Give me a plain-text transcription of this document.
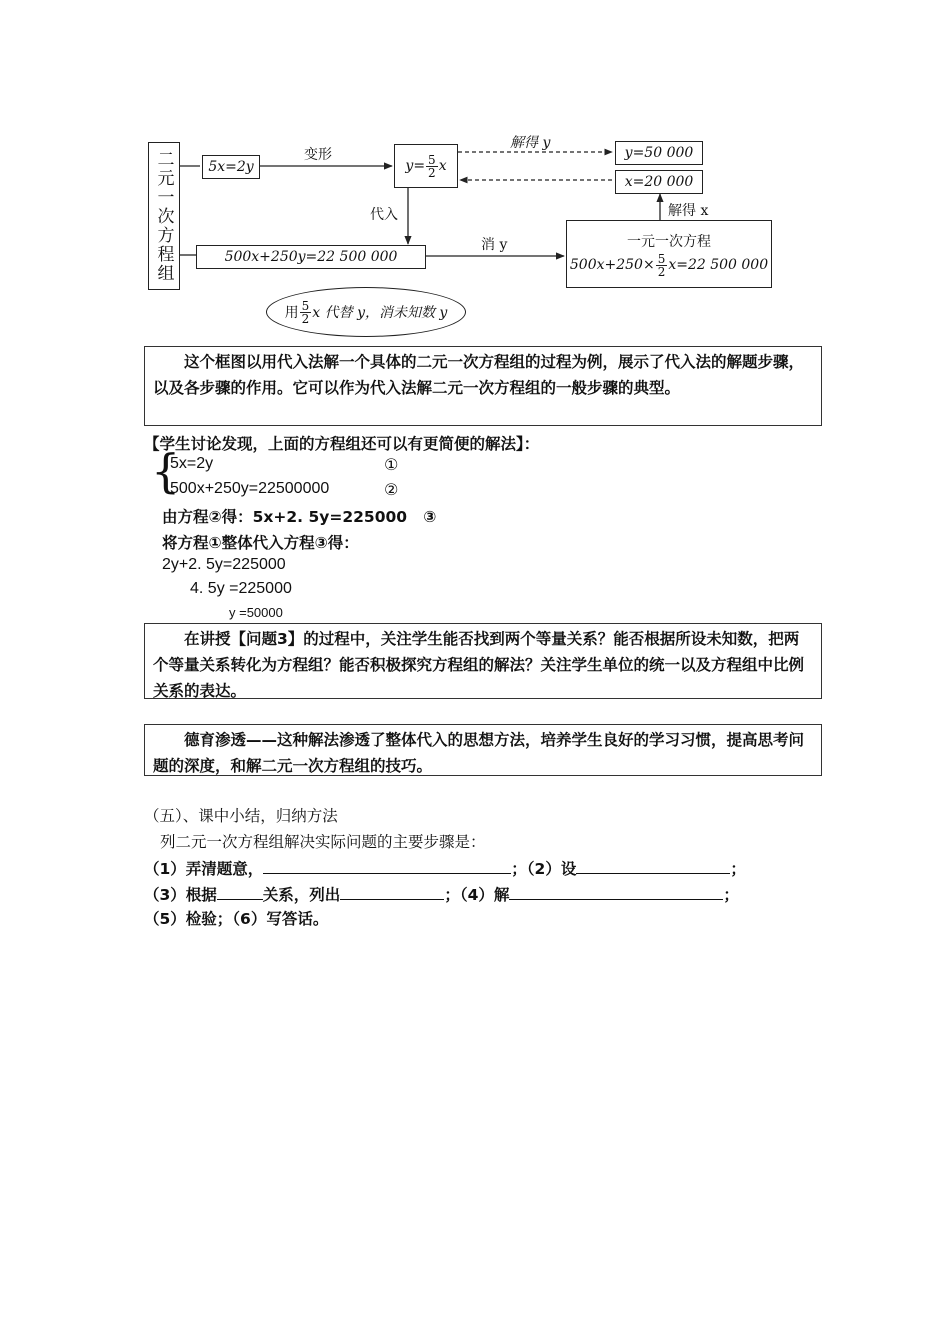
二元一次方程组	5x=2y
变形
$y= \frac{5}{2}$ x
解得 y
y=50 000
x=20 000
解得 x
代入
500x+250y=22 500 000
消 y	一元一次方程
$500x+250\times \frac{5}{2} x=22$ 500 000
用 $\frac{5}{2}$ x 代替 y，消未知数 y

这个框图以用代入法解一个具体的二元一次方程组的过程为例，展示了代入法的解题步骤，以及各步骤的作用。它可以作为代入法解二元一次方程组的一般步骤的典型。

【学生讨论发现，上面的方程组还可以有更简便的解法】：
{
5x=2y	①
500x+250y=22500000	②
由方程②得：5x+2. 5y=225000 ③
将方程①整体代入方程③得：
2y+2. 5y=225000
4. 5y =225000
y =50000

在讲授【问题3】的过程中，关注学生能否找到两个等量关系？能否根据所设未知数，把两个等量关系转化为方程组？能否积极探究方程组的解法？关注学生单位的统一以及方程组中比例关系的表达。

德育渗透——这种解法渗透了整体代入的思想方法，培养学生良好的学习习惯，提高思考问题的深度，和解二元一次方程组的技巧。

（五）、课中小结，归纳方法
列二元一次方程组解决实际问题的主要步骤是：
（1）弄清题意，	；（2）设	；
（3）根据	关系，列出	；（4）解	；
（5）检验；（6）写答话。
